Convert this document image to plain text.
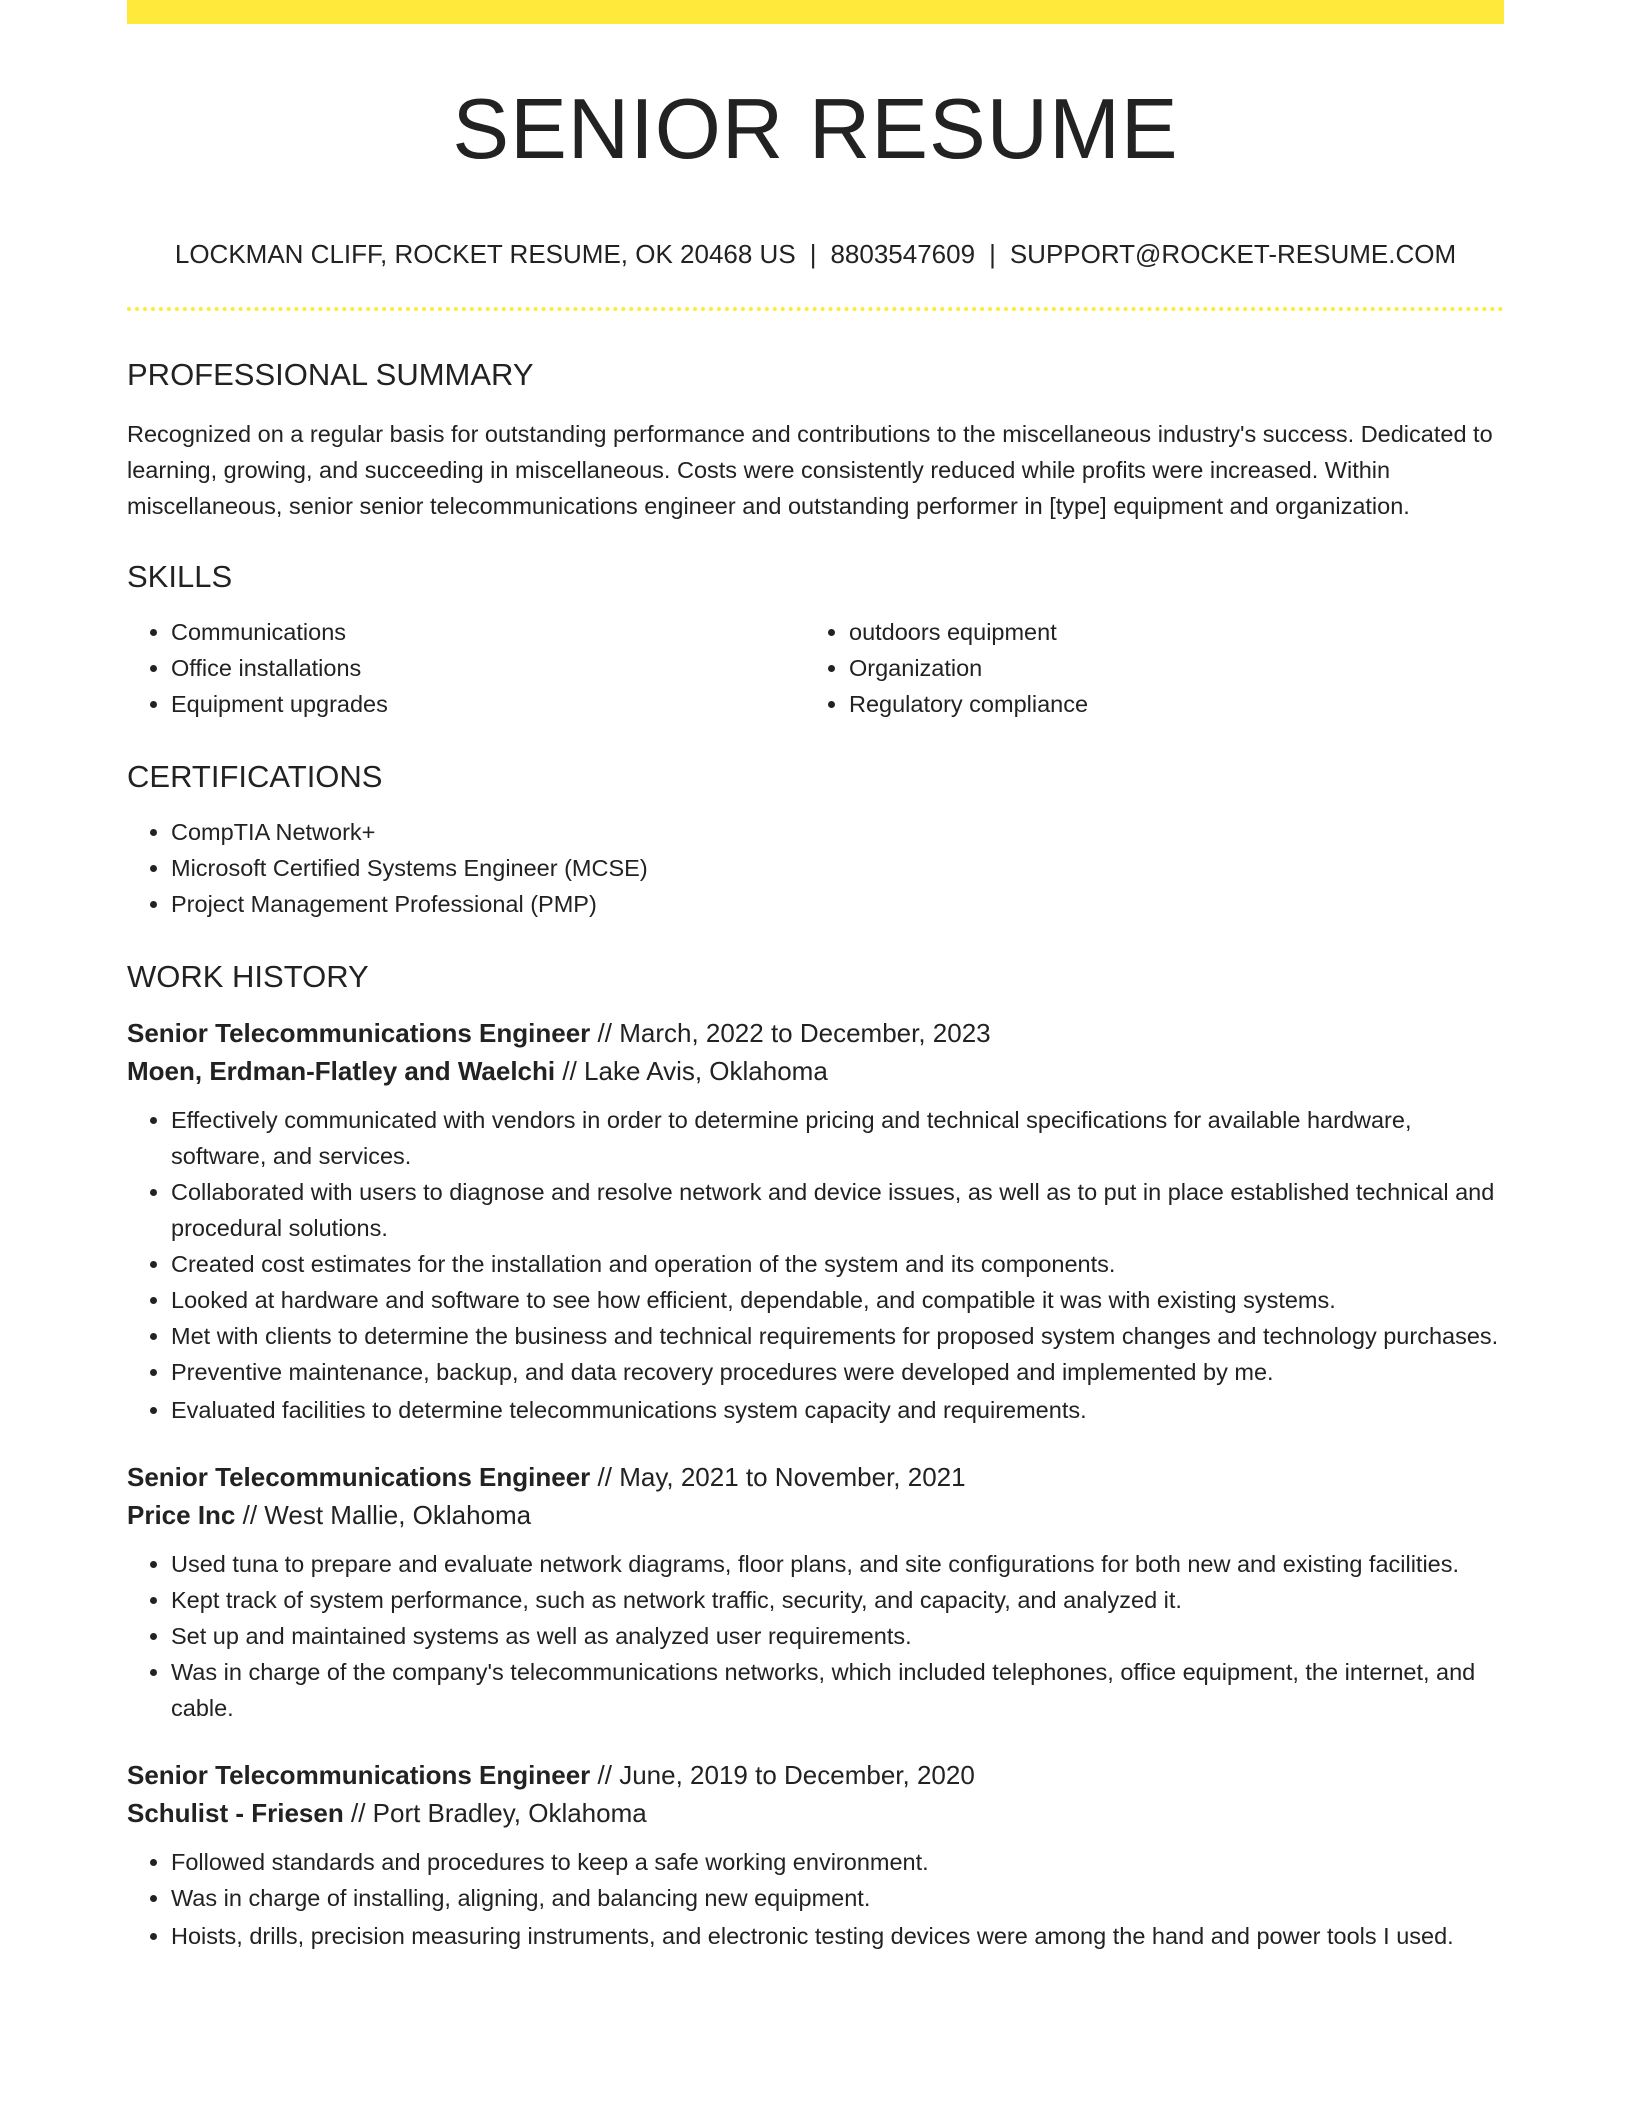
SENIOR RESUME
LOCKMAN CLIFF, ROCKET RESUME, OK 20468 US | 8803547609 | SUPPORT@ROCKET-RESUME.COM
PROFESSIONAL SUMMARY

Recognized on a regular basis for outstanding performance and contributions to the miscellaneous industry's success. Dedicated to learning, growing, and succeeding in miscellaneous. Costs were consistently reduced while profits were increased. Within miscellaneous, senior senior telecommunications engineer and outstanding performer in [type] equipment and organization.

SKILLS
• Communications
• Office installations
• Equipment upgrades
• outdoors equipment
• Organization
• Regulatory compliance
CERTIFICATIONS
• CompTIA Network+
• Microsoft Certified Systems Engineer (MCSE)
• Project Management Professional (PMP)
WORK HISTORY
Senior Telecommunications Engineer // March, 2022 to December, 2023
Moen, Erdman-Flatley and Waelchi // Lake Avis, Oklahoma
• Effectively communicated with vendors in order to determine pricing and technical specifications for available hardware, software, and services.
• Collaborated with users to diagnose and resolve network and device issues, as well as to put in place established technical and procedural solutions.
• Created cost estimates for the installation and operation of the system and its components.
• Looked at hardware and software to see how efficient, dependable, and compatible it was with existing systems.
• Met with clients to determine the business and technical requirements for proposed system changes and technology purchases.
• Preventive maintenance, backup, and data recovery procedures were developed and implemented by me.
• Evaluated facilities to determine telecommunications system capacity and requirements.
Senior Telecommunications Engineer // May, 2021 to November, 2021
Price Inc // West Mallie, Oklahoma
• Used tuna to prepare and evaluate network diagrams, floor plans, and site configurations for both new and existing facilities.
• Kept track of system performance, such as network traffic, security, and capacity, and analyzed it.
• Set up and maintained systems as well as analyzed user requirements.
• Was in charge of the company's telecommunications networks, which included telephones, office equipment, the internet, and cable.
Senior Telecommunications Engineer // June, 2019 to December, 2020
Schulist - Friesen // Port Bradley, Oklahoma
• Followed standards and procedures to keep a safe working environment.
• Was in charge of installing, aligning, and balancing new equipment.
• Hoists, drills, precision measuring instruments, and electronic testing devices were among the hand and power tools I used.
